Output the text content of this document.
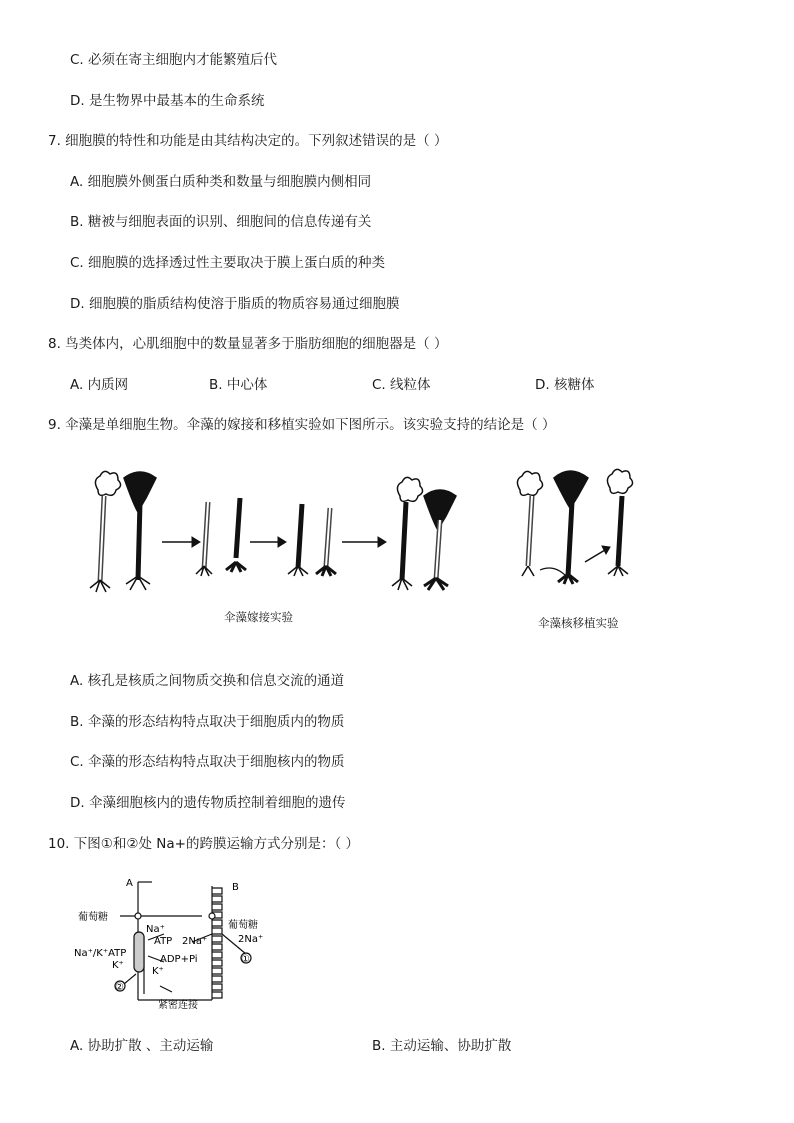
C. 必须在寄主细胞内才能繁殖后代
D. 是生物界中最基本的生命系统
7. 细胞膜的特性和功能是由其结构决定的。下列叙述错误的是（ ）
A. 细胞膜外侧蛋白质种类和数量与细胞膜内侧相同
B. 糖被与细胞表面的识别、细胞间的信息传递有关
C. 细胞膜的选择透过性主要取决于膜上蛋白质的种类
D. 细胞膜的脂质结构使溶于脂质的物质容易通过细胞膜
8. 鸟类体内，心肌细胞中的数量显著多于脂肪细胞的细胞器是（ ）
A. 内质网	B. 中心体	C. 线粒体	D. 核糖体
9. 伞藻是单细胞生物。伞藻的嫁接和移植实验如下图所示。该实验支持的结论是（ ）
伞藻嫁接实验	伞藻核移植实验
A. 核孔是核质之间物质交换和信息交流的通道
B. 伞藻的形态结构特点取决于细胞质内的物质
C. 伞藻的形态结构特点取决于细胞核内的物质
D. 伞藻细胞核内的遗传物质控制着细胞的遗传
10. 下图①和②处 Na+的跨膜运输方式分别是：（ ）
A	B
葡萄糖
葡萄糖
Na⁺
ATP 2Na⁺	2Na⁺
Na⁺/K⁺ATP
ADP+Pi
K⁺
K⁺
①
②
紧密连接
A. 协助扩散 、主动运输	B. 主动运输、协助扩散
